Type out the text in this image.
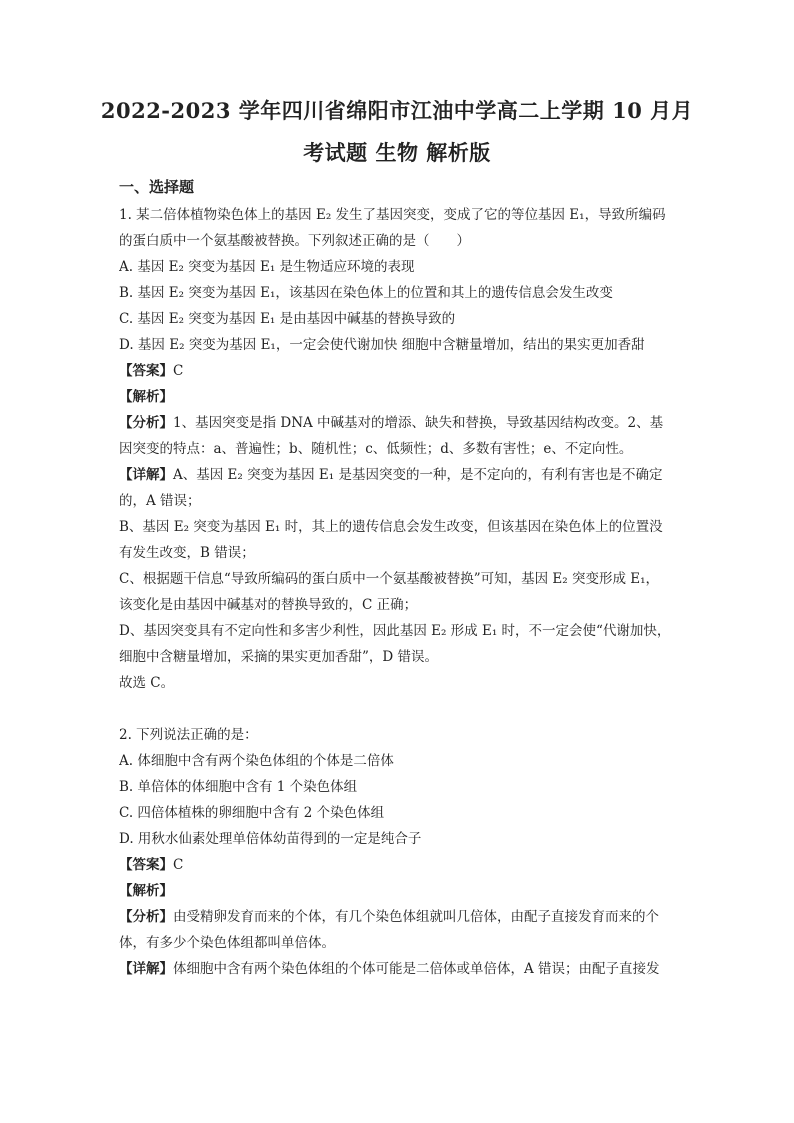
2022-2023 学年四川省绵阳市江油中学高二上学期 10 月月
考试题 生物 解析版
一、选择题
1. 某二倍体植物染色体上的基因 E₂ 发生了基因突变，变成了它的等位基因 E₁，导致所编码
的蛋白质中一个氨基酸被替换。下列叙述正确的是（　　）
A. 基因 E₂ 突变为基因 E₁ 是生物适应环境的表现
B. 基因 E₂ 突变为基因 E₁，该基因在染色体上的位置和其上的遗传信息会发生改变
C. 基因 E₂ 突变为基因 E₁ 是由基因中碱基的替换导致的
D. 基因 E₂ 突变为基因 E₁，一定会使代谢加快 细胞中含糖量增加，结出的果实更加香甜
【答案】C
【解析】
【分析】1、基因突变是指 DNA 中碱基对的增添、缺失和替换，导致基因结构改变。2、基
因突变的特点：a、普遍性；b、随机性；c、低频性；d、多数有害性；e、不定向性。
【详解】A、基因 E₂ 突变为基因 E₁ 是基因突变的一种，是不定向的，有利有害也是不确定
的，A 错误；
B、基因 E₂ 突变为基因 E₁ 时，其上的遗传信息会发生改变，但该基因在染色体上的位置没
有发生改变，B 错误；
C、根据题干信息“导致所编码的蛋白质中一个氨基酸被替换”可知，基因 E₂ 突变形成 E₁，
该变化是由基因中碱基对的替换导致的，C 正确；
D、基因突变具有不定向性和多害少利性，因此基因 E₂ 形成 E₁ 时，不一定会使“代谢加快，
细胞中含糖量增加，采摘的果实更加香甜”，D 错误。
故选 C。
2. 下列说法正确的是：
A. 体细胞中含有两个染色体组的个体是二倍体
B. 单倍体的体细胞中含有 1 个染色体组
C. 四倍体植株的卵细胞中含有 2 个染色体组
D. 用秋水仙素处理单倍体幼苗得到的一定是纯合子
【答案】C
【解析】
【分析】由受精卵发育而来的个体，有几个染色体组就叫几倍体，由配子直接发育而来的个
体，有多少个染色体组都叫单倍体。
【详解】体细胞中含有两个染色体组的个体可能是二倍体或单倍体，A 错误；由配子直接发
